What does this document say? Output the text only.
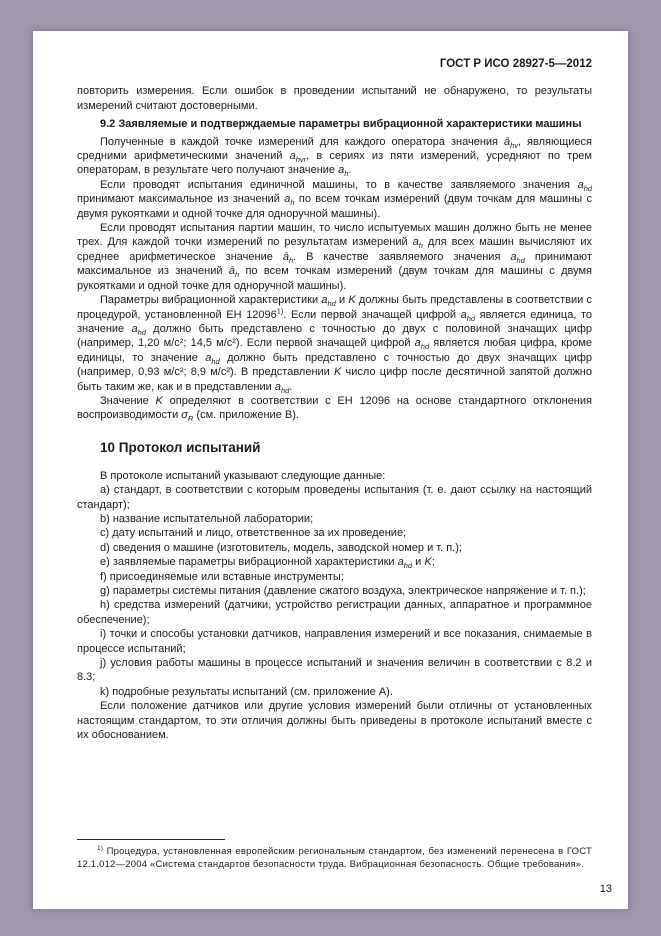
ГОСТ Р ИСО 28927-5—2012

повторить измерения. Если ошибок в проведении испытаний не обнаружено, то результаты измерений считают достоверными.

9.2 Заявляемые и подтверждаемые параметры вибрационной характеристики машины

Полученные в каждой точке измерений для каждого оператора значения $ā_{hv}$, являющиеся средними арифметическими значений $a_{hvr}$, в сериях из пяти измерений, усредняют по трем операторам, в результате чего получают значение $a_h$.

Если проводят испытания единичной машины, то в качестве заявляемого значения $a_{hd}$ принимают максимальное из значений $a_h$ по всем точкам измерений (двум точкам для машины с двумя рукоятками и одной точке для одноручной машины).

Если проводят испытания партии машин, то число испытуемых машин должно быть не менее трех. Для каждой точки измерений по результатам измерений $a_h$ для всех машин вычисляют их среднее арифметическое значение $ā_h$. В качестве заявляемого значения $a_{hd}$ принимают максимальное из значений $ā_h$ по всем точкам измерений (двум точкам для машины с двумя рукоятками и одной точке для одноручной машины).

Параметры вибрационной характеристики $a_{hd}$ и K должны быть представлены в соответствии с процедурой, установленной ЕН 12096$^{1)}$. Если первой значащей цифрой $a_{hd}$ является единица, то значение $a_{hd}$ должно быть представлено с точностью до двух с половиной значащих цифр (например, 1,20 м/с²; 14,5 м/с²). Если первой значащей цифрой $a_{hd}$ является любая цифра, кроме единицы, то значение $a_{hd}$ должно быть представлено с точностью до двух значащих цифр (например, 0,93 м/с²; 8,9 м/с²). В представлении K число цифр после десятичной запятой должно быть таким же, как и в представлении $a_{hd}$.

Значение K определяют в соответствии с ЕН 12096 на основе стандартного отклонения воспроизводимости $\sigma_R$ (см. приложение В).

10 Протокол испытаний

В протоколе испытаний указывают следующие данные:

a) стандарт, в соответствии с которым проведены испытания (т. е. дают ссылку на настоящий стандарт);

b) название испытательной лаборатории;

c) дату испытаний и лицо, ответственное за их проведение;

d) сведения о машине (изготовитель, модель, заводской номер и т. п.);

e) заявляемые параметры вибрационной характеристики $a_{hd}$ и K;

f) присоединяемые или вставные инструменты;

g) параметры системы питания (давление сжатого воздуха, электрическое напряжение и т. п.);

h) средства измерений (датчики, устройство регистрации данных, аппаратное и программное обеспечение);

i) точки и способы установки датчиков, направления измерений и все показания, снимаемые в процессе испытаний;

j) условия работы машины в процессе испытаний и значения величин в соответствии с 8.2 и 8.3;

k) подробные результаты испытаний (см. приложение А).

Если положение датчиков или другие условия измерений были отличны от установленных настоящим стандартом, то эти отличия должны быть приведены в протоколе испытаний вместе с их обоснованием.

$^{1)}$ Процедура, установленная европейским региональным стандартом, без изменений перенесена в ГОСТ 12.1.012—2004 «Система стандартов безопасности труда. Вибрационная безопасность. Общие требования».
13
